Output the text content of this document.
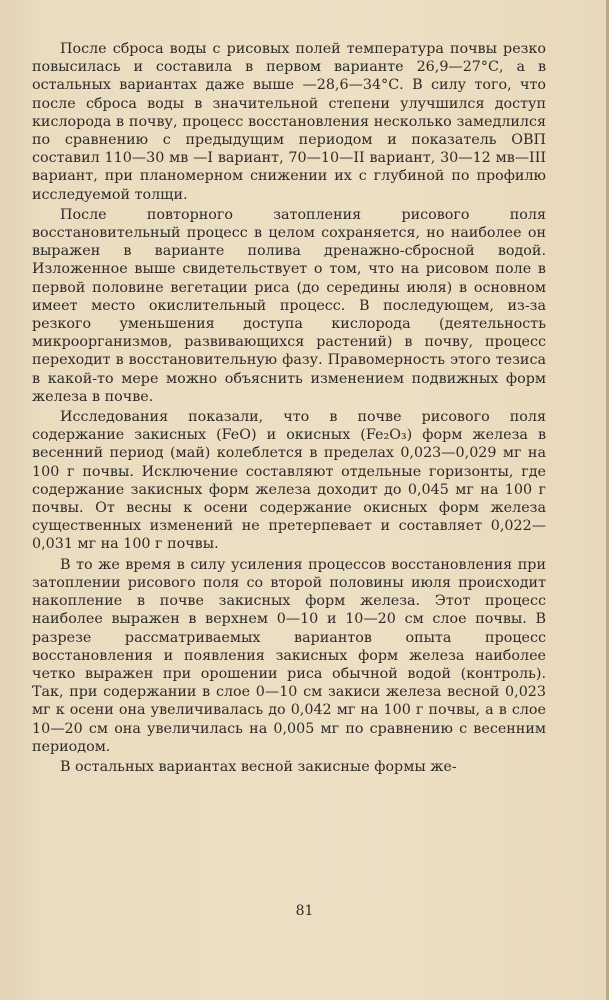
После сброса воды с рисовых полей температура почвы резко повысилась и составила в первом варианте 26,9—27°С, а в остальных вариантах даже выше —28,6—34°С. В силу того, что после сброса воды в значительной степени улучшился доступ кислорода в почву, процесс восстановления несколько замедлился по сравнению с предыдущим периодом и показатель ОВП составил 110—30 мв —I вариант, 70—10—II вариант, 30—12 мв—III вариант, при планомерном снижении их с глубиной по профилю исследуемой толщи.

После повторного затопления рисового поля восстановительный процесс в целом сохраняется, но наиболее он выражен в варианте полива дренажно-сбросной водой. Изложенное выше свидетельствует о том, что на рисовом поле в первой половине вегетации риса (до середины июля) в основном имеет место окислительный процесс. В последующем, из-за резкого уменьшения доступа кислорода (деятельность микроорганизмов, развивающихся растений) в почву, процесс переходит в восстановительную фазу. Правомерность этого тезиса в какой-то мере можно объяснить изменением подвижных форм железа в почве.

Исследования показали, что в почве рисового поля содержание закисных (FeO) и окисных (Fe₂O₃) форм железа в весенний период (май) колеблется в пределах 0,023—0,029 мг на 100 г почвы. Исключение составляют отдельные горизонты, где содержание закисных форм железа доходит до 0,045 мг на 100 г почвы. От весны к осени содержание окисных форм железа существенных изменений не претерпевает и составляет 0,022—0,031 мг на 100 г почвы.

В то же время в силу усиления процессов восстановления при затоплении рисового поля со второй половины июля происходит накопление в почве закисных форм железа. Этот процесс наиболее выражен в верхнем 0—10 и 10—20 см слое почвы. В разрезе рассматриваемых вариантов опыта процесс восстановления и появления закисных форм железа наиболее четко выражен при орошении риса обычной водой (контроль). Так, при содержании в слое 0—10 см закиси железа весной 0,023 мг к осени она увеличивалась до 0,042 мг на 100 г почвы, а в слое 10—20 см она увеличилась на 0,005 мг по сравнению с весенним периодом.

В остальных вариантах весной закисные формы же-

81
